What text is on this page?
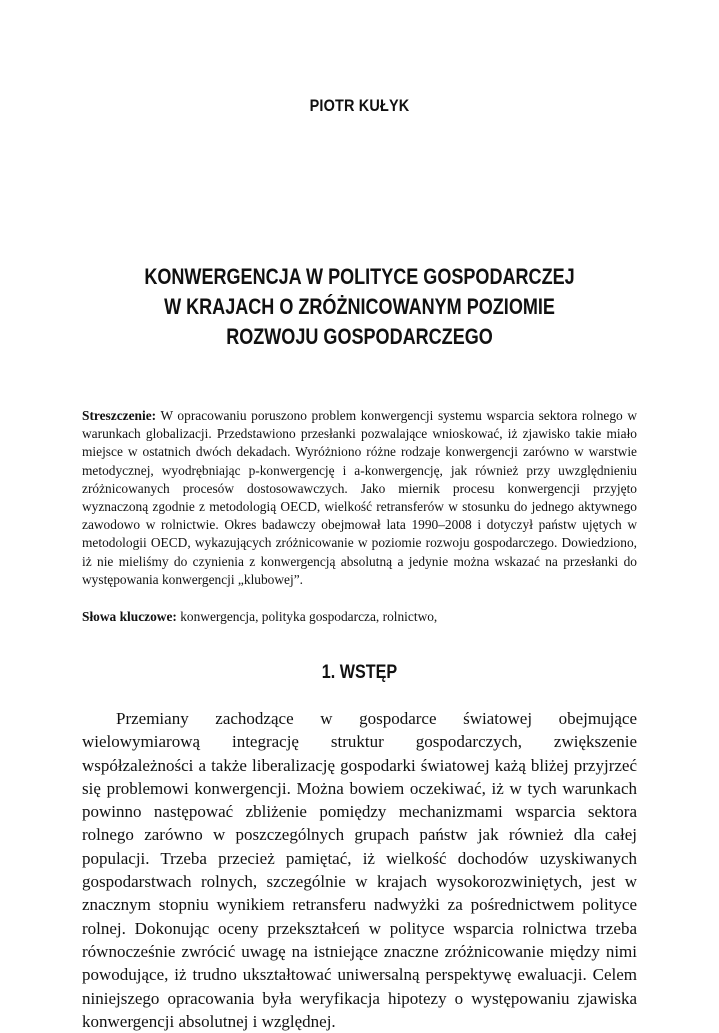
PIOTR KUŁYK
KONWERGENCJA W POLITYCE GOSPODARCZEJ
W KRAJACH O ZRÓŻNICOWANYM POZIOMIE
ROZWOJU GOSPODARCZEGO

Streszczenie: W opracowaniu poruszono problem konwergencji systemu wsparcia sektora rolnego w warunkach globalizacji. Przedstawiono przesłanki pozwalające wnioskować, iż zjawisko takie miało miejsce w ostatnich dwóch dekadach. Wyróżniono różne rodzaje konwergencji zarówno w warstwie metodycznej, wyodrębniając p-konwergencję i a-konwergencję, jak również przy uwzględnieniu zróżnicowanych procesów dostosowawczych. Jako miernik procesu konwergencji przyjęto wyznaczoną zgodnie z metodologią OECD, wielkość retransferów w stosunku do jednego aktywnego zawodowo w rolnictwie. Okres badawczy obejmował lata 1990–2008 i dotyczył państw ujętych w metodologii OECD, wykazujących zróżnicowanie w poziomie rozwoju gospodarczego. Dowiedziono, iż nie mieliśmy do czynienia z konwergencją absolutną a jedynie można wskazać na przesłanki do występowania konwergencji „klubowej”.

Słowa kluczowe: konwergencja, polityka gospodarcza, rolnictwo,
1. WSTĘP

Przemiany zachodzące w gospodarce światowej obejmujące wielowymiarową integrację struktur gospodarczych, zwiększenie współzależności a także liberalizację gospodarki światowej każą bliżej przyjrzeć się problemowi konwergencji. Można bowiem oczekiwać, iż w tych warunkach powinno następować zbliżenie pomiędzy mechanizmami wsparcia sektora rolnego zarówno w poszczególnych grupach państw jak również dla całej populacji. Trzeba przecież pamiętać, iż wielkość dochodów uzyskiwanych gospodarstwach rolnych, szczególnie w krajach wysokorozwiniętych, jest w znacznym stopniu wynikiem retransferu nadwyżki za pośrednictwem polityce rolnej. Dokonując oceny przekształceń w polityce wsparcia rolnictwa trzeba równocześnie zwrócić uwagę na istniejące znaczne zróżnicowanie między nimi powodujące, iż trudno ukształtować uniwersalną perspektywę ewaluacji. Celem niniejszego opracowania była weryfikacja hipotezy o występowaniu zjawiska konwergencji absolutnej i względnej.
